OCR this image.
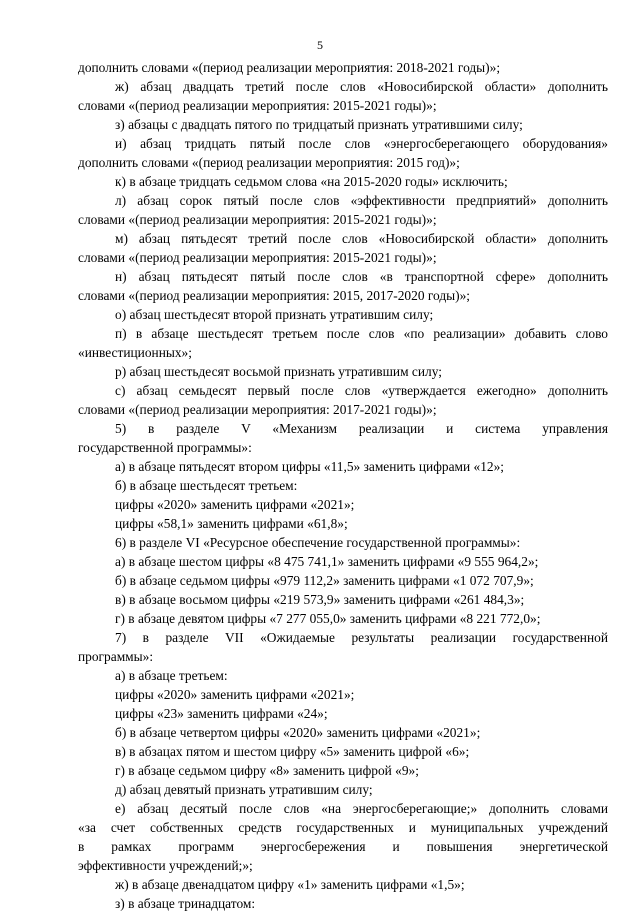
5
дополнить словами «(период реализации мероприятия: 2018-2021 годы)»;
ж) абзац двадцать третий после слов «Новосибирской области» дополнить
словами «(период реализации мероприятия: 2015-2021 годы)»;
з) абзацы с двадцать пятого по тридцатый признать утратившими силу;
и) абзац тридцать пятый после слов «энергосберегающего оборудования»
дополнить словами «(период реализации мероприятия: 2015 год)»;
к) в абзаце тридцать седьмом слова «на 2015-2020 годы» исключить;
л) абзац сорок пятый после слов «эффективности предприятий» дополнить
словами «(период реализации мероприятия: 2015-2021 годы)»;
м) абзац пятьдесят третий после слов «Новосибирской области» дополнить
словами «(период реализации мероприятия: 2015-2021 годы)»;
н) абзац пятьдесят пятый после слов «в транспортной сфере» дополнить
словами «(период реализации мероприятия: 2015, 2017-2020 годы)»;
о) абзац шестьдесят второй признать утратившим силу;
п) в абзаце шестьдесят третьем после слов «по реализации» добавить слово
«инвестиционных»;
р) абзац шестьдесят восьмой признать утратившим силу;
с) абзац семьдесят первый после слов «утверждается ежегодно» дополнить
словами «(период реализации мероприятия: 2017-2021 годы)»;
5) в разделе V «Механизм реализации и система управления
государственной программы»:
а) в абзаце пятьдесят втором цифры «11,5» заменить цифрами «12»;
б) в абзаце шестьдесят третьем:
цифры «2020» заменить цифрами «2021»;
цифры «58,1» заменить цифрами «61,8»;
6) в разделе VI «Ресурсное обеспечение государственной программы»:
а) в абзаце шестом цифры «8 475 741,1» заменить цифрами «9 555 964,2»;
б) в абзаце седьмом цифры «979 112,2» заменить цифрами «1 072 707,9»;
в) в абзаце восьмом цифры «219 573,9» заменить цифрами «261 484,3»;
г) в абзаце девятом цифры «7 277 055,0» заменить цифрами «8 221 772,0»;
7) в разделе VII «Ожидаемые результаты реализации государственной
программы»:
а) в абзаце третьем:
цифры «2020» заменить цифрами «2021»;
цифры «23» заменить цифрами «24»;
б) в абзаце четвертом цифры «2020» заменить цифрами «2021»;
в) в абзацах пятом и шестом цифру «5» заменить цифрой «6»;
г) в абзаце седьмом цифру «8» заменить цифрой «9»;
д) абзац девятый признать утратившим силу;
е) абзац десятый после слов «на энергосберегающие;» дополнить словами
«за счет собственных средств государственных и муниципальных учреждений
в рамках программ энергосбережения и повышения энергетической
эффективности учреждений;»;
ж) в абзаце двенадцатом цифру «1» заменить цифрами «1,5»;
з) в абзаце тринадцатом:
